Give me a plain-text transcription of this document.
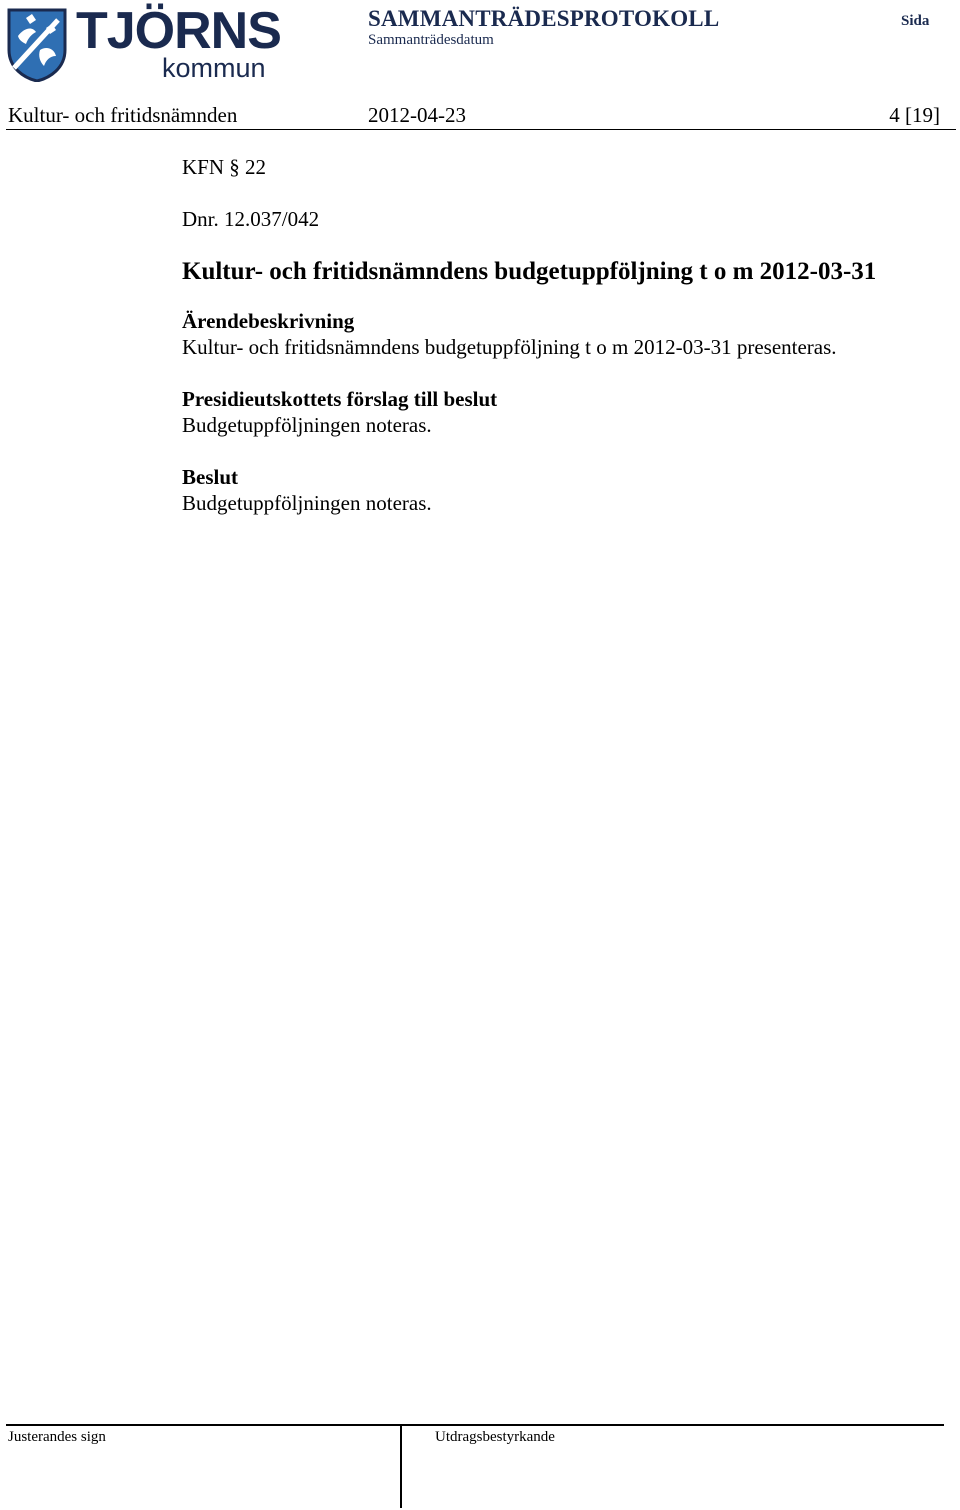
TJÖRNS
kommun
SAMMANTRÄDESPROTOKOLL
Sammanträdesdatum
Sida
Kultur- och fritidsnämnden	2012-04-23	4 [19]

KFN § 22

Dnr. 12.037/042

Kultur- och fritidsnämndens budgetuppföljning t o m 2012-03-31

Ärendebeskrivning

Kultur- och fritidsnämndens budgetuppföljning t o m 2012-03-31 presenteras.

Presidieutskottets förslag till beslut

Budgetuppföljningen noteras.

Beslut

Budgetuppföljningen noteras.

Justerandes sign	Utdragsbestyrkande
